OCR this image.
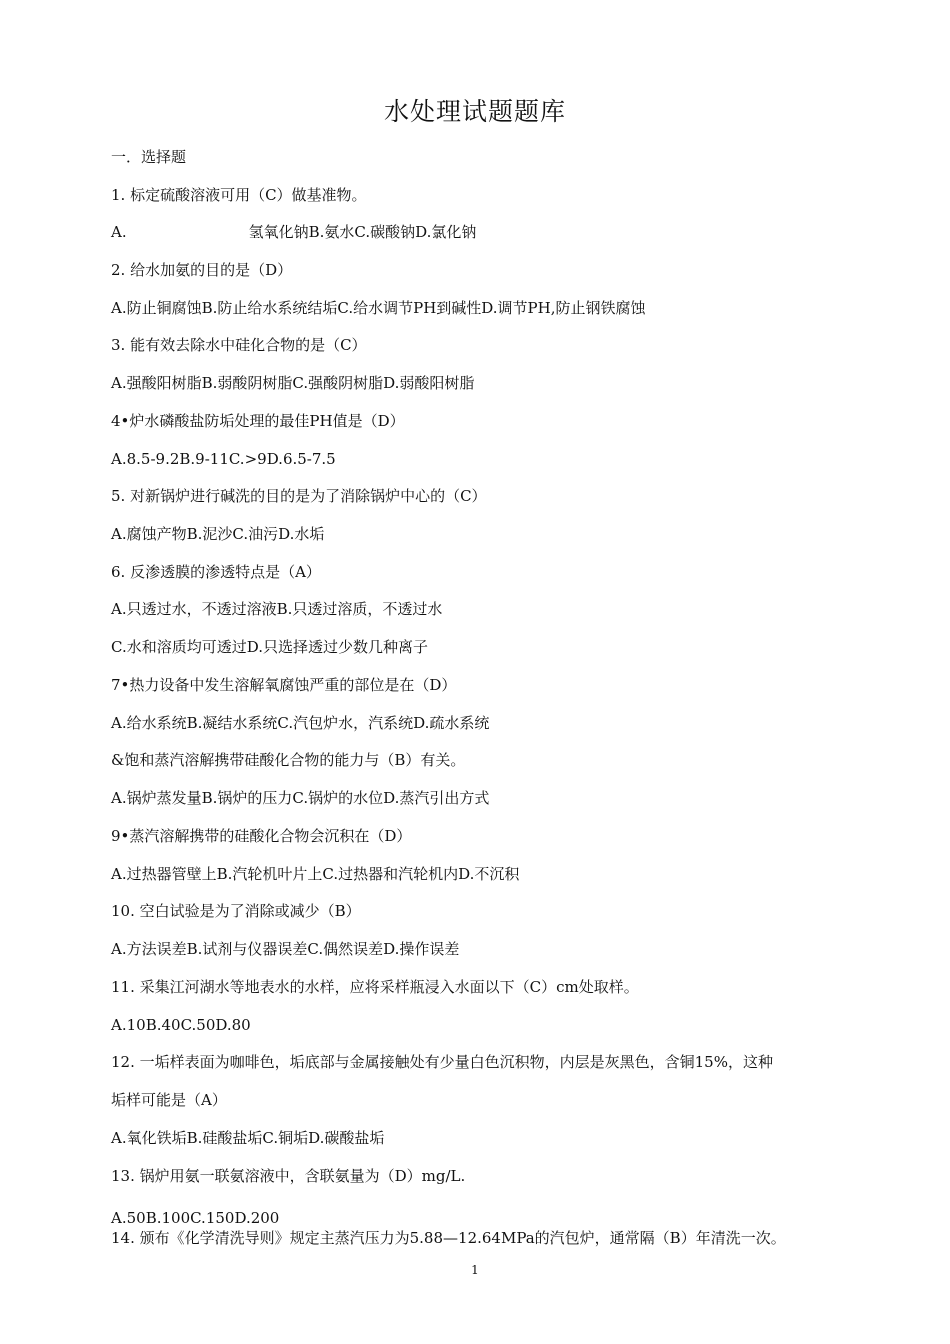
水处理试题题库
一．选择题
1. 标定硫酸溶液可用（C）做基准物。
A.	氢氧化钠B.氨水C.碳酸钠D.氯化钠
2. 给水加氨的目的是（D）
A.防止铜腐蚀B.防止给水系统结垢C.给水调节PH到碱性D.调节PH,防止钢铁腐蚀
3. 能有效去除水中硅化合物的是（C）
A.强酸阳树脂B.弱酸阴树脂C.强酸阴树脂D.弱酸阳树脂
4•炉水磷酸盐防垢处理的最佳PH值是（D）
A.8.5-9.2B.9-11C.>9D.6.5-7.5
5. 对新锅炉进行碱洗的目的是为了消除锅炉中心的（C）
A.腐蚀产物B.泥沙C.油污D.水垢
6. 反渗透膜的渗透特点是（A）
A.只透过水，不透过溶液B.只透过溶质，不透过水
C.水和溶质均可透过D.只选择透过少数几种离子
7•热力设备中发生溶解氧腐蚀严重的部位是在（D）
A.给水系统B.凝结水系统C.汽包炉水，汽系统D.疏水系统
&饱和蒸汽溶解携带硅酸化合物的能力与（B）有关。
A.锅炉蒸发量B.锅炉的压力C.锅炉的水位D.蒸汽引出方式
9•蒸汽溶解携带的硅酸化合物会沉积在（D）
A.过热器管壁上B.汽轮机叶片上C.过热器和汽轮机内D.不沉积
10. 空白试验是为了消除或减少（B）
A.方法误差B.试剂与仪器误差C.偶然误差D.操作误差
11. 采集江河湖水等地表水的水样，应将采样瓶浸入水面以下（C）cm处取样。
A.10B.40C.50D.80
12. 一垢样表面为咖啡色，垢底部与金属接触处有少量白色沉积物，内层是灰黑色，含铜15%，这种
垢样可能是（A）
A.氧化铁垢B.硅酸盐垢C.铜垢D.碳酸盐垢
13. 锅炉用氨一联氨溶液中，含联氨量为（D）mg/L.
A.50B.100C.150D.200
14. 颁布《化学清洗导则》规定主蒸汽压力为5.88—12.64MPa的汽包炉，通常隔（B）年清洗一次。
1
